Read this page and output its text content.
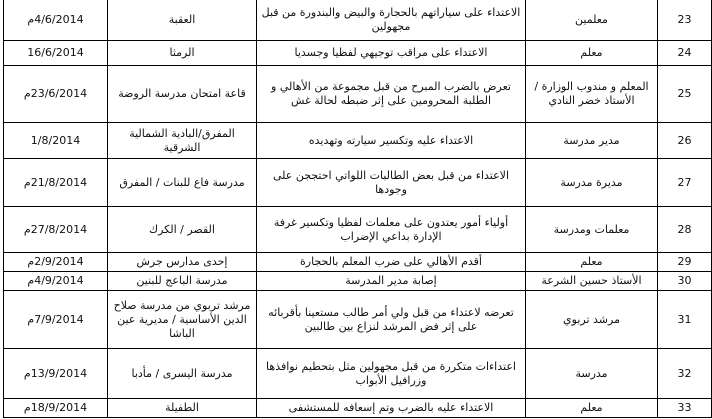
23	معلمين	الاعتداء على سياراتهم بالحجارة والبيض والبندورة من قبل مجهولين	العقبة	4/6/2014م
24	معلم	الاعتداء على مراقب توجيهي لفظيا وجسديا	الرمثا	16/6/2014
25	المعلم و مندوب الوزارة / الأستاذ خضر النادي	تعرض بالضرب المبرح من قبل مجموعة من الأهالي و الطلبة المحرومين على إثر ضبطه لحالة غش	قاعة امتحان مدرسة الروضة	23/6/2014م
26	مدير مدرسة	الاعتداء عليه وتكسير سيارته وتهديده	المفرق/البادية الشمالية الشرقية	1/8/2014
27	مديرة مدرسة	الاعتداء من قبل بعض الطالبات اللواتي احتججن على وجودها	مدرسة فاع للبنات / المفرق	21/8/2014م
28	معلمات ومدرسة	أولياء أمور يعتدون على معلمات لفظيا وتكسير غرفة الإدارة بداعي الإضراب	القصر / الكرك	27/8/2014م
29	معلم	أقدم الأهالي على ضرب المعلم بالحجارة	إحدى مدارس جرش	2/9/2014م
30	الأستاذ حسين الشرعة	إصابة مدير المدرسة	مدرسة الباعج للبنين	4/9/2014م
31	مرشد تربوي	تعرضه لاعتداء من قبل ولي أمر طالب مستعينا بأقربائه على إثر فض المرشد لنزاع بين طالبين	مرشد تربوي من مدرسة صلاح الدين الأساسية / مديرية عين الباشا	7/9/2014م
32	مدرسة	اعتداءات متكررة من قبل مجهولين مثل بتحطيم نوافذها وزرافيل الأبواب	مدرسة اليسرى / مأدبا	13/9/2014م
33	معلم	الاعتداء عليه بالضرب وتم إسعافه للمستشفى	الطفيلة	18/9/2014م
